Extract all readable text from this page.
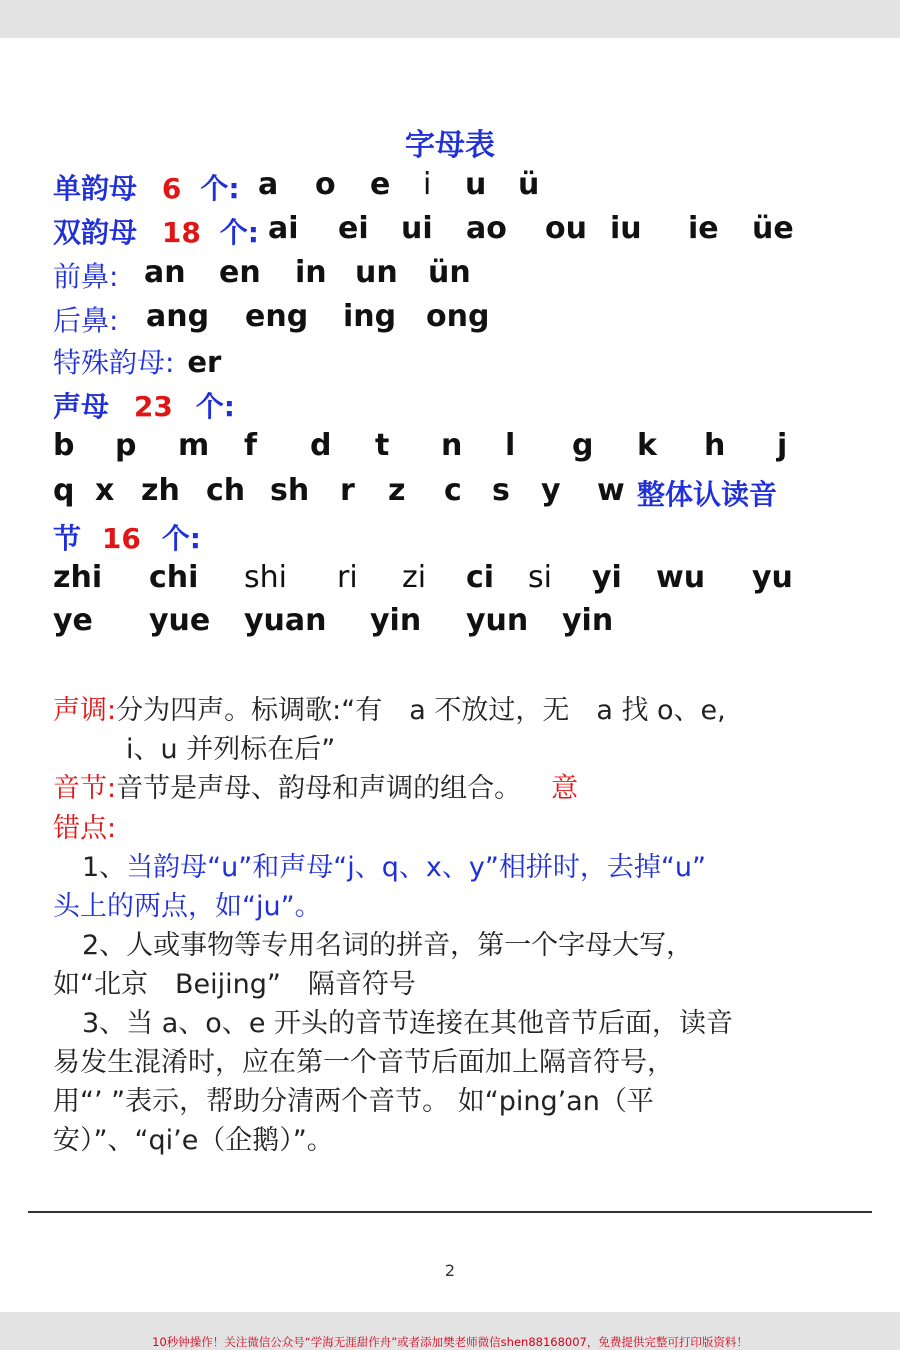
字母表
单韵母 6 个: a o e i u ü
双韵母 18 个: ai ei ui ao ou iu ie üe
前鼻: an en in un ün
后鼻: ang eng ing ong
特殊韵母: er
声母 23 个:
b p m f d t n l g k h j
q x zh ch sh r z c s y w 整体认读音
节 16 个:
zhi chi shi ri zi ci si yi wu yu
ye yue yuan yin yun yin
声调:分为四声。标调歌:“有　a 不放过，无　a 找 o、e,
i、u 并列标在后”
音节:音节是声母、韵母和声调的组合。 意
错点:
1、当韵母“u”和声母“j、q、x、y”相拼时，去掉“u”
头上的两点，如“ju”。
2、人或事物等专用名词的拼音，第一个字母大写，
如“北京　Beijing”　隔音符号
3、当 a、o、e 开头的音节连接在其他音节后面，读音
易发生混淆时，应在第一个音节后面加上隔音符号，
用“’ ”表示，帮助分清两个音节。 如“ping’an（平
安）”、“qi’e（企鹅）”。
2
10秒钟操作！关注微信公众号“学海无涯甜作舟”或者添加樊老师微信shen88168007，免费提供完整可打印版资料！
